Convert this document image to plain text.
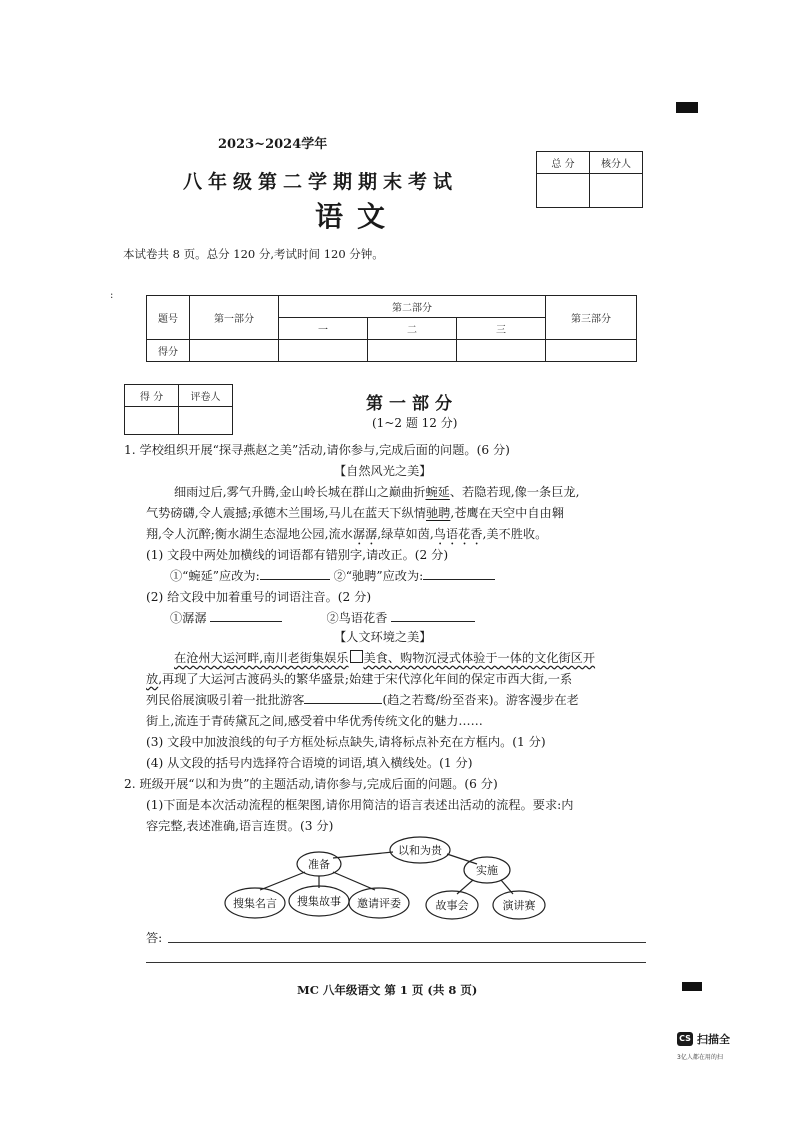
2023~2024学年
八年级第二学期期末考试
语文
本试卷共 8 页。总分 120 分,考试时间 120 分钟。
:
总 分	核分人

题号	第一部分	第二部分			第三部分
		一	二	三	
得分					
得 分	评卷人
		第一部分
(1~2 题 12 分)
1. 学校组织开展“探寻燕赵之美”活动,请你参与,完成后面的问题。(6 分)
【自然风光之美】
细雨过后,雾气升腾,金山岭长城在群山之巅曲折蜿延、若隐若现,像一条巨龙,
气势磅礴,令人震撼;承德木兰围场,马儿在蓝天下纵情驰聘,苍鹰在天空中自由翱
翔,令人沉醉;衡水湖生态湿地公园,流水潺潺,绿草如茵,鸟语花香,美不胜收。
(1) 文段中两处加横线的词语都有错别字,请改正。(2 分)
①“蜿延”应改为:	②“驰聘”应改为:
(2) 给文段中加着重号的词语注音。(2 分)
①潺潺	②鸟语花香
【人文环境之美】
在沧州大运河畔,南川老街集娱乐 美食、购物沉浸式体验于一体的文化街区开
放,再现了大运河古渡码头的繁华盛景;始建于宋代淳化年间的保定市西大街,一系
列民俗展演吸引着一批批游客	(趋之若鹜/纷至沓来)。游客漫步在老
街上,流连于青砖黛瓦之间,感受着中华优秀传统文化的魅力……
(3) 文段中加波浪线的句子方框处标点缺失,请将标点补充在方框内。(1 分)
(4) 从文段的括号内选择符合语境的词语,填入横线处。(1 分)
2. 班级开展“以和为贵”的主题活动,请你参与,完成后面的问题。(6 分)
(1)下面是本次活动流程的框架图,请你用简洁的语言表述出活动的流程。要求:内
容完整,表述准确,语言连贯。(3 分)
以和为贵
准备	实施
搜集名言 搜集故事 邀请评委	故事会	演讲赛
答:
MC 八年级语文 第 1 页 (共 8 页)
CS 扫描全
3亿人都在用的扫
